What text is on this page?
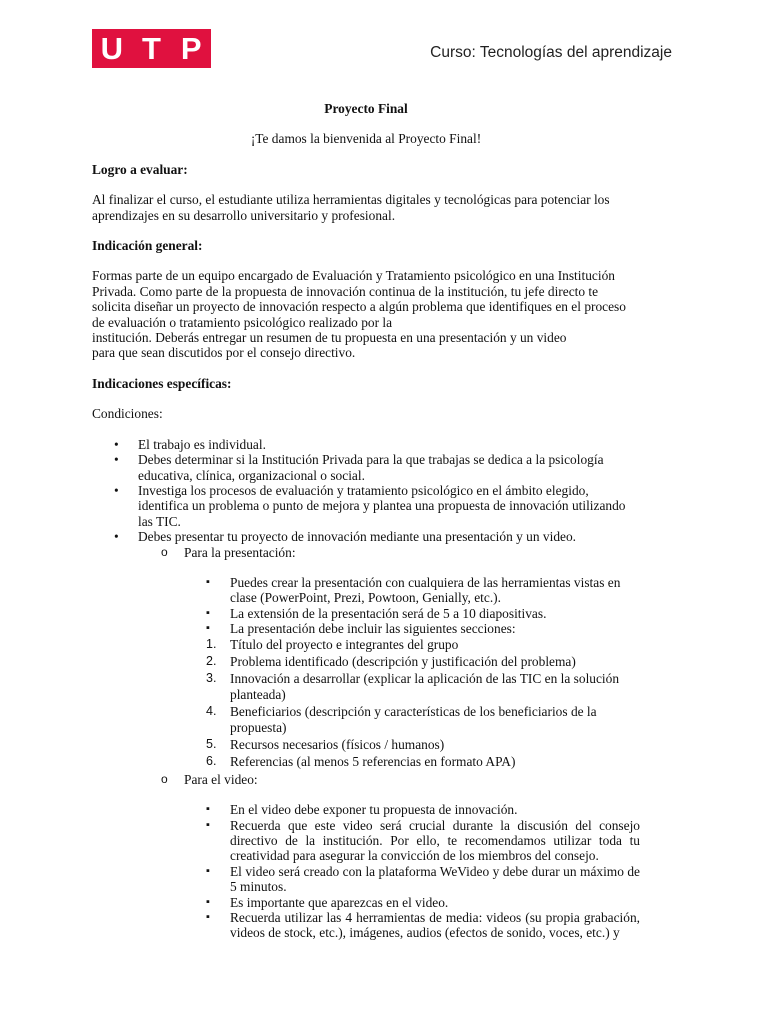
U T P	Curso: Tecnologías del aprendizaje

Proyecto Final

¡Te damos la bienvenida al Proyecto Final!

Logro a evaluar:

Al finalizar el curso, el estudiante utiliza herramientas digitales y tecnológicas para potenciar los aprendizajes en su desarrollo universitario y profesional.

Indicación general:

Formas parte de un equipo encargado de Evaluación y Tratamiento psicológico en una Institución Privada. Como parte de la propuesta de innovación continua de la institución, tu jefe directo te solicita diseñar un proyecto de innovación respecto a algún problema que identifiques en el proceso de evaluación o tratamiento psicológico realizado por la

institución. Deberás entregar un resumen de tu propuesta en una presentación y un video

para que sean discutidos por el consejo directivo.

Indicaciones específicas:

Condiciones:

• El trabajo es individual.
• Debes determinar si la Institución Privada para la que trabajas se dedica a la psicología educativa, clínica, organizacional o social.
• Investiga los procesos de evaluación y tratamiento psicológico en el ámbito elegido, identifica un problema o punto de mejora y plantea una propuesta de innovación utilizando las TIC.
• Debes presentar tu proyecto de innovación mediante una presentación y un video.
o Para la presentación:

▪ Puedes crear la presentación con cualquiera de las herramientas vistas en clase (PowerPoint, Prezi, Powtoon, Genially, etc.).
▪ La extensión de la presentación será de 5 a 10 diapositivas.
▪ La presentación debe incluir las siguientes secciones:
1. Título del proyecto e integrantes del grupo
2. Problema identificado (descripción y justificación del problema)
3. Innovación a desarrollar (explicar la aplicación de las TIC en la solución planteada)
4. Beneficiarios (descripción y características de los beneficiarios de la propuesta)
5. Recursos necesarios (físicos / humanos)
6. Referencias (al menos 5 referencias en formato APA)
o Para el video:

▪ En el video debe exponer tu propuesta de innovación.
▪ Recuerda que este video será crucial durante la discusión del consejo directivo de la institución. Por ello, te recomendamos utilizar toda tu creatividad para asegurar la convicción de los miembros del consejo.
▪ El video será creado con la plataforma WeVideo y debe durar un máximo de 5 minutos.
▪ Es importante que aparezcas en el video.
▪ Recuerda utilizar las 4 herramientas de media: videos (su propia grabación, videos de stock, etc.), imágenes, audios (efectos de sonido, voces, etc.) y
